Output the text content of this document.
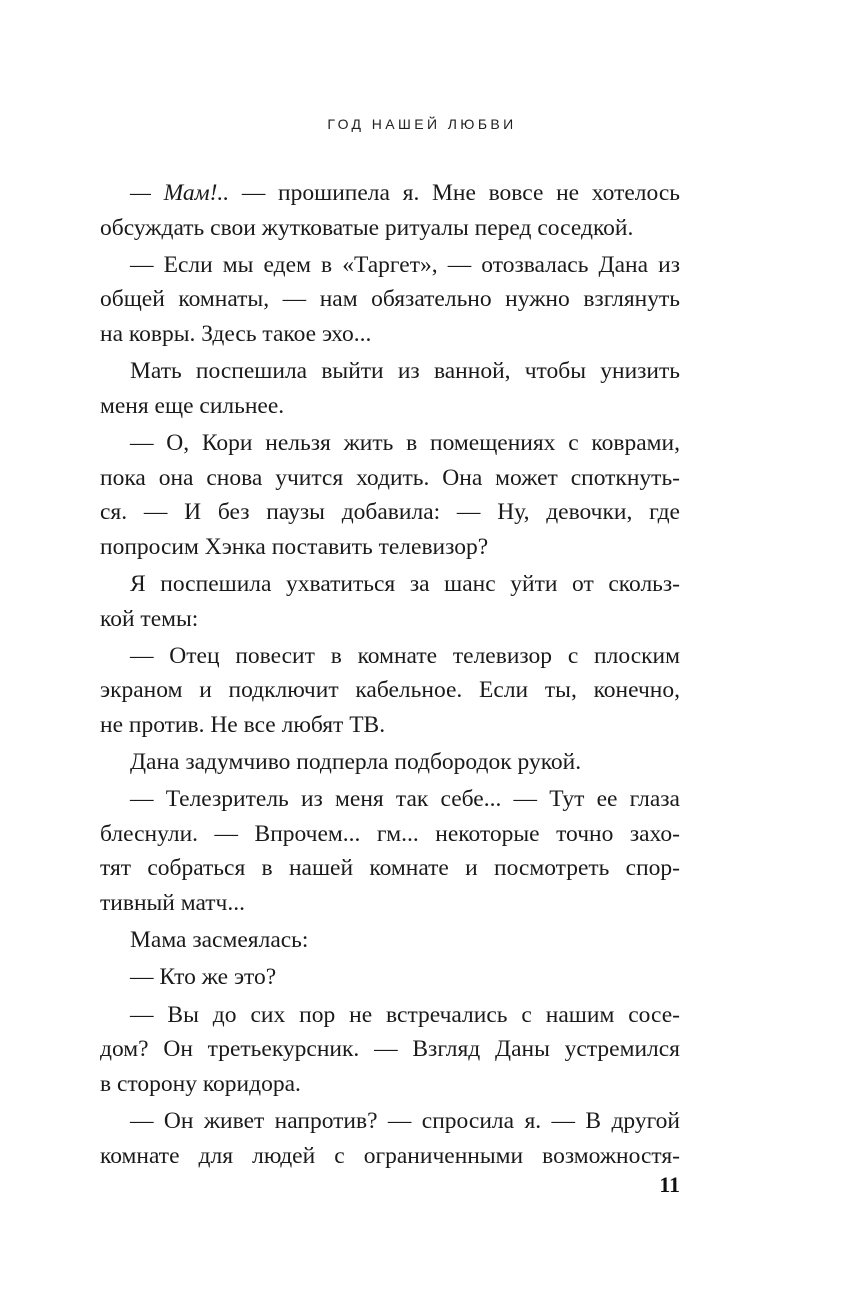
ГОД НАШЕЙ ЛЮБВИ
— Мам!.. — прошипела я. Мне вовсе не хотелось
обсуждать свои жутковатые ритуалы перед соседкой.
— Если мы едем в «Таргет», — отозвалась Дана из
общей комнаты, — нам обязательно нужно взглянуть
на ковры. Здесь такое эхо...
Мать поспешила выйти из ванной, чтобы унизить
меня еще сильнее.
— О, Кори нельзя жить в помещениях с коврами,
пока она снова учится ходить. Она может споткнуть-
ся. — И без паузы добавила: — Ну, девочки, где
попросим Хэнка поставить телевизор?
Я поспешила ухватиться за шанс уйти от скольз-
кой темы:
— Отец повесит в комнате телевизор с плоским
экраном и подключит кабельное. Если ты, конечно,
не против. Не все любят ТВ.
Дана задумчиво подперла подбородок рукой.
— Телезритель из меня так себе... — Тут ее глаза
блеснули. — Впрочем... гм... некоторые точно захо-
тят собраться в нашей комнате и посмотреть спор-
тивный матч...
Мама засмеялась:
— Кто же это?
— Вы до сих пор не встречались с нашим сосе-
дом? Он третьекурсник. — Взгляд Даны устремился
в сторону коридора.
— Он живет напротив? — спросила я. — В другой
комнате для людей с ограниченными возможностя-
11
